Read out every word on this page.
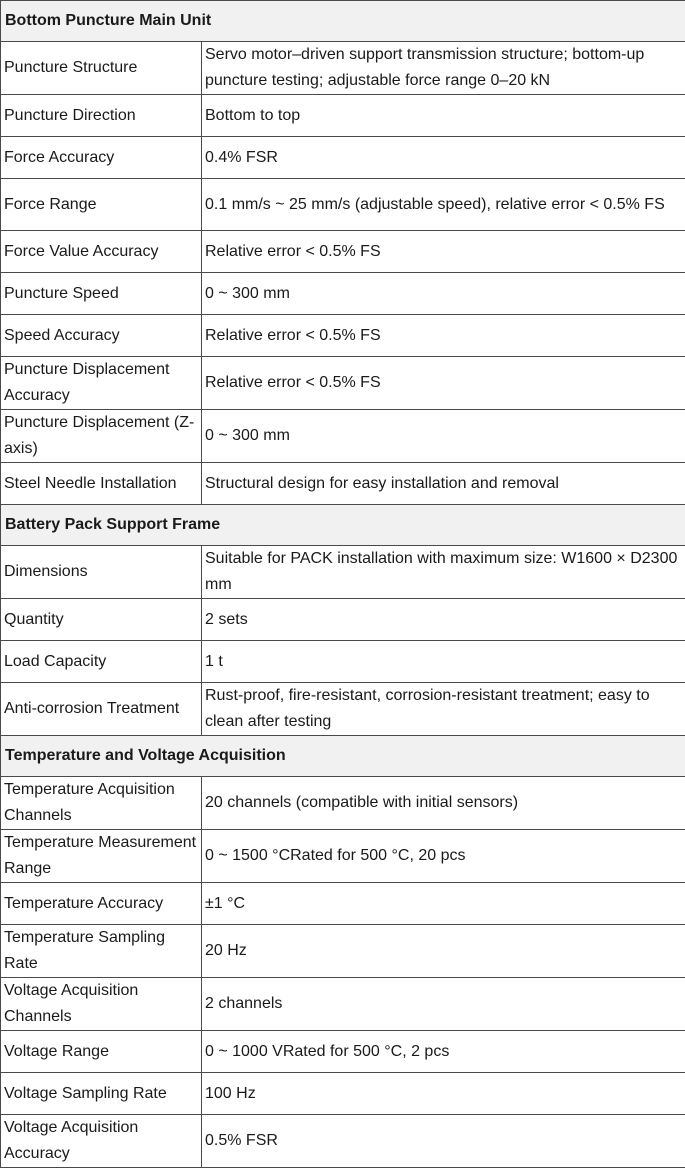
Bottom Puncture Main Unit	
Puncture Structure	Servo motor–driven support transmission structure; bottom-up puncture testing; adjustable force range 0–20 kN
Puncture Direction	Bottom to top
Force Accuracy	0.4% FSR
Force Range	0.1 mm/s ~ 25 mm/s (adjustable speed), relative error < 0.5% FS
Force Value Accuracy	Relative error < 0.5% FS
Puncture Speed	0 ~ 300 mm
Speed Accuracy	Relative error < 0.5% FS
Puncture Displacement Accuracy	Relative error < 0.5% FS
Puncture Displacement (Z-axis)	0 ~ 300 mm
Steel Needle Installation	Structural design for easy installation and removal
Battery Pack Support Frame	
Dimensions	Suitable for PACK installation with maximum size: W1600 × D2300 mm
Quantity	2 sets
Load Capacity	1 t
Anti-corrosion Treatment	Rust-proof, fire-resistant, corrosion-resistant treatment; easy to clean after testing
Temperature and Voltage Acquisition	
Temperature Acquisition Channels	20 channels (compatible with initial sensors)
Temperature Measurement Range	0 ~ 1500 °CRated for 500 °C, 20 pcs
Temperature Accuracy	±1 °C
Temperature Sampling Rate	20 Hz
Voltage Acquisition Channels	2 channels
Voltage Range	0 ~ 1000 VRated for 500 °C, 2 pcs
Voltage Sampling Rate	100 Hz
Voltage Acquisition Accuracy	0.5% FSR
